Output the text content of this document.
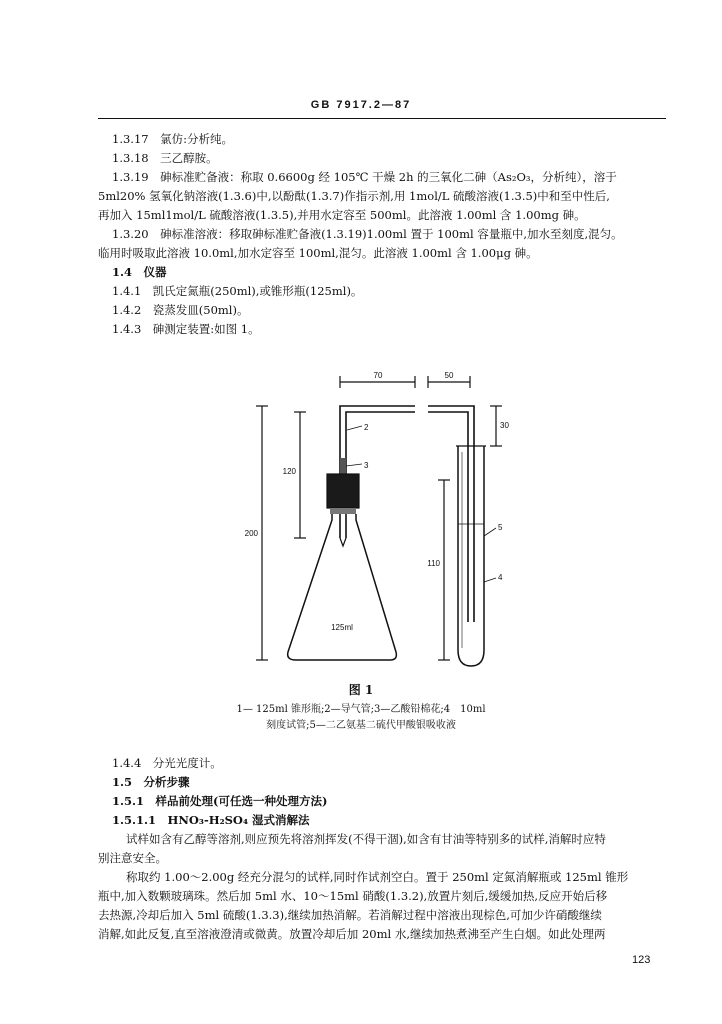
GB 7917.2—87
1.3.17　氯仿:分析纯。
1.3.18　三乙醇胺。
1.3.19　砷标准贮备液：称取 0.6600g 经 105℃ 干燥 2h 的三氧化二砷（As₂O₃，分析纯），溶于
5ml20% 氢氧化钠溶液(1.3.6)中,以酚酞(1.3.7)作指示剂,用 1mol/L 硫酸溶液(1.3.5)中和至中性后,
再加入 15ml1mol/L 硫酸溶液(1.3.5),并用水定容至 500ml。此溶液 1.00ml 含 1.00mg 砷。
1.3.20　砷标准溶液：移取砷标准贮备液(1.3.19)1.00ml 置于 100ml 容量瓶中,加水至刻度,混匀。
临用时吸取此溶液 10.0ml,加水定容至 100ml,混匀。此溶液 1.00ml 含 1.00μg 砷。
1.4　仪器
1.4.1　凯氏定氮瓶(250ml),或锥形瓶(125ml)。
1.4.2　瓷蒸发皿(50ml)。
1.4.3　砷测定装置:如图 1。
70	50
200
120
30
110
2
3
5
4
125ml
图 1
1— 125ml 锥形瓶;2—导气管;3—乙酸铅棉花;4　10ml
刻度试管;5—二乙氨基二硫代甲酸银吸收液
1.4.4　分光光度计。
1.5　分析步骤
1.5.1　样品前处理(可任选一种处理方法)
1.5.1.1　HNO₃-H₂SO₄ 湿式消解法
试样如含有乙醇等溶剂,则应预先将溶剂挥发(不得干涸),如含有甘油等特别多的试样,消解时应特
别注意安全。
称取约 1.00～2.00g 经充分混匀的试样,同时作试剂空白。置于 250ml 定氮消解瓶或 125ml 锥形
瓶中,加入数颗玻璃珠。然后加 5ml 水、10～15ml 硝酸(1.3.2),放置片刻后,缓缓加热,反应开始后移
去热源,冷却后加入 5ml 硫酸(1.3.3),继续加热消解。若消解过程中溶液出现棕色,可加少许硝酸继续
消解,如此反复,直至溶液澄清或微黄。放置冷却后加 20ml 水,继续加热煮沸至产生白烟。如此处理两
123
